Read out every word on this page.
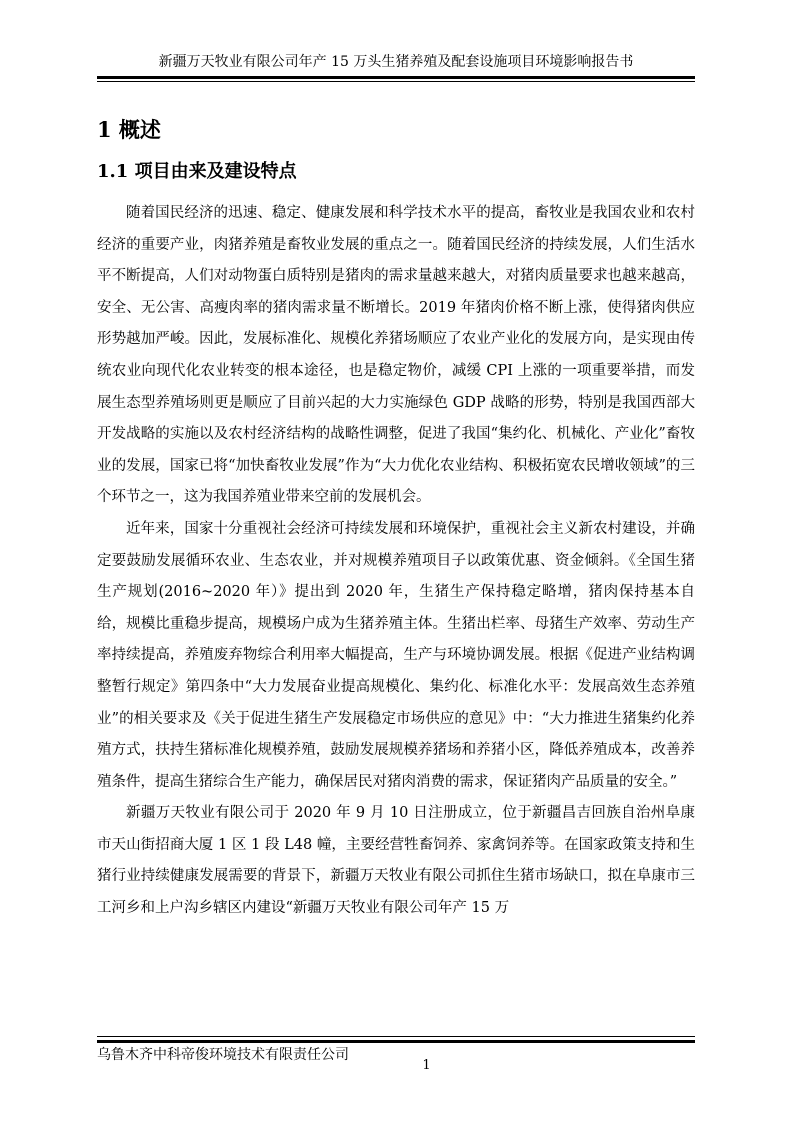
新疆万天牧业有限公司年产 15 万头生猪养殖及配套设施项目环境影响报告书
1 概述
1.1 项目由来及建设特点

随着国民经济的迅速、稳定、健康发展和科学技术水平的提高，畜牧业是我国农业和农村经济的重要产业，肉猪养殖是畜牧业发展的重点之一。随着国民经济的持续发展，人们生活水平不断提高，人们对动物蛋白质特别是猪肉的需求量越来越大，对猪肉质量要求也越来越高，安全、无公害、高瘦肉率的猪肉需求量不断增长。2019 年猪肉价格不断上涨，使得猪肉供应形势越加严峻。因此，发展标准化、规模化养猪场顺应了农业产业化的发展方向，是实现由传统农业向现代化农业转变的根本途径，也是稳定物价，减缓 CPI 上涨的一项重要举措，而发展生态型养殖场则更是顺应了目前兴起的大力实施绿色 GDP 战略的形势，特别是我国西部大开发战略的实施以及农村经济结构的战略性调整，促进了我国“集约化、机械化、产业化”畜牧业的发展，国家已将“加快畜牧业发展”作为“大力优化农业结构、积极拓宽农民增收领域”的三个环节之一，这为我国养殖业带来空前的发展机会。

近年来，国家十分重视社会经济可持续发展和环境保护，重视社会主义新农村建设，并确定要鼓励发展循环农业、生态农业，并对规模养殖项目子以政策优惠、资金倾斜。《全国生猪生产规划(2016~2020 年）》提出到 2020 年，生猪生产保持稳定略增，猪肉保持基本自给，规模比重稳步提高，规模场户成为生猪养殖主体。生猪出栏率、母猪生产效率、劳动生产率持续提高，养殖废弃物综合利用率大幅提高，生产与环境协调发展。根据《促进产业结构调整暂行规定》第四条中“大力发展奋业提高规模化、集约化、标准化水平：发展高效生态养殖业”的相关要求及《关于促进生猪生产发展稳定市场供应的意见》中：“大力推进生猪集约化养殖方式，扶持生猪标准化规模养殖，鼓励发展规模养猪场和养猪小区，降低养殖成本，改善养殖条件，提高生猪综合生产能力，确保居民对猪肉消费的需求，保证猪肉产品质量的安全。”

新疆万天牧业有限公司于 2020 年 9 月 10 日注册成立，位于新疆昌吉回族自治州阜康市天山街招商大厦 1 区 1 段 L48 幢，主要经营牲畜饲养、家禽饲养等。在国家政策支持和生猪行业持续健康发展需要的背景下，新疆万天牧业有限公司抓住生猪市场缺口，拟在阜康市三工河乡和上户沟乡辖区内建设“新疆万天牧业有限公司年产 15 万

乌鲁木齐中科帝俊环境技术有限责任公司
1
